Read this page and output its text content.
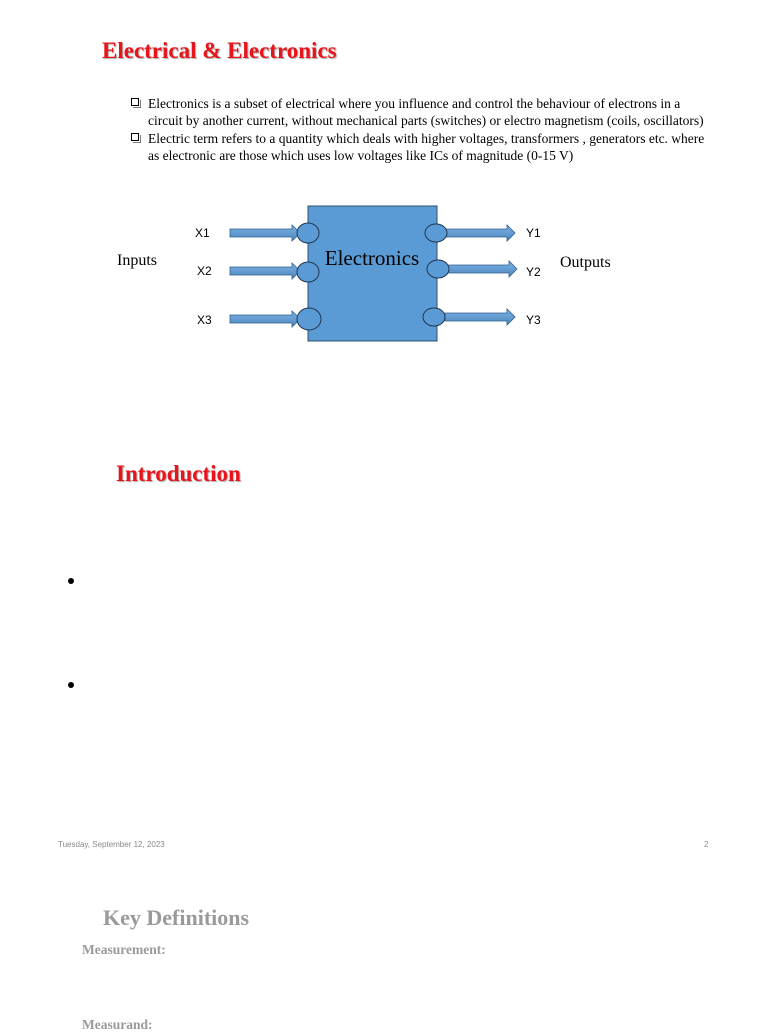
Electrical & Electronics
Electronics is a subset of electrical where you influence and control the behaviour of electrons in a circuit by another current, without mechanical parts (switches) or electro magnetism (coils, oscillators)
Electric term refers to a quantity which deals with higher voltages, transformers , generators etc. where as electronic are those which uses low voltages like ICs of magnitude (0-15 V)
Electronics
Inputs
X1
X2
X3
Y1
Y2
Y3
Outputs
Introduction
Tuesday, September 12, 2023	2
Key Definitions
Measurement:
Measurand:
